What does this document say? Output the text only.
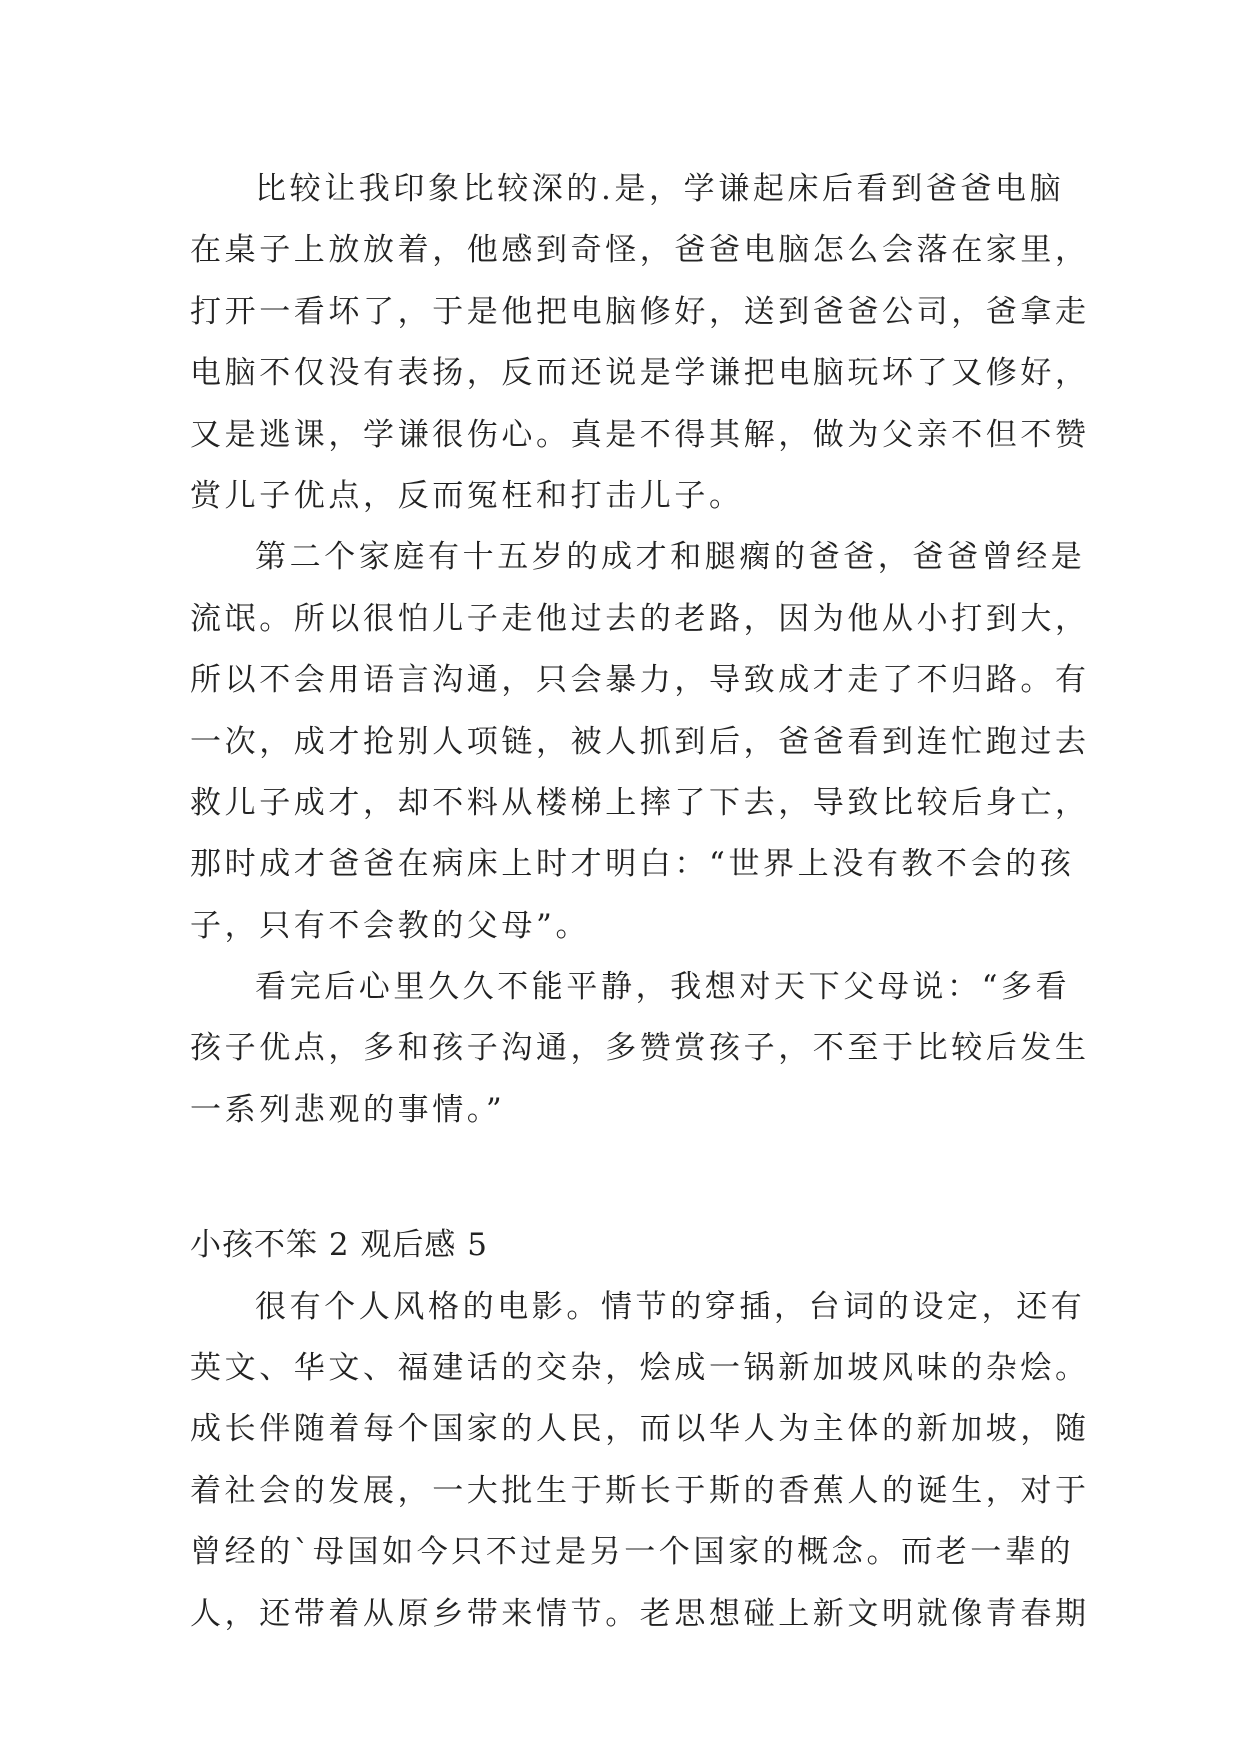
比较让我印象比较深的.是，学谦起床后看到爸爸电脑
在桌子上放放着，他感到奇怪，爸爸电脑怎么会落在家里，
打开一看坏了，于是他把电脑修好，送到爸爸公司，爸拿走
电脑不仅没有表扬，反而还说是学谦把电脑玩坏了又修好，
又是逃课，学谦很伤心。真是不得其解，做为父亲不但不赞
赏儿子优点，反而冤枉和打击儿子。
第二个家庭有十五岁的成才和腿瘸的爸爸，爸爸曾经是
流氓。所以很怕儿子走他过去的老路，因为他从小打到大，
所以不会用语言沟通，只会暴力，导致成才走了不归路。有
一次，成才抢别人项链，被人抓到后，爸爸看到连忙跑过去
救儿子成才，却不料从楼梯上摔了下去，导致比较后身亡，
那时成才爸爸在病床上时才明白：“世界上没有教不会的孩
子，只有不会教的父母”。
看完后心里久久不能平静，我想对天下父母说：“多看
孩子优点，多和孩子沟通，多赞赏孩子，不至于比较后发生
一系列悲观的事情。”
小孩不笨 2 观后感 5
很有个人风格的电影。情节的穿插，台词的设定，还有
英文、华文、福建话的交杂，烩成一锅新加坡风味的杂烩。
成长伴随着每个国家的人民，而以华人为主体的新加坡，随
着社会的发展，一大批生于斯长于斯的香蕉人的诞生，对于
曾经的`母国如今只不过是另一个国家的概念。而老一辈的
人，还带着从原乡带来情节。老思想碰上新文明就像青春期
